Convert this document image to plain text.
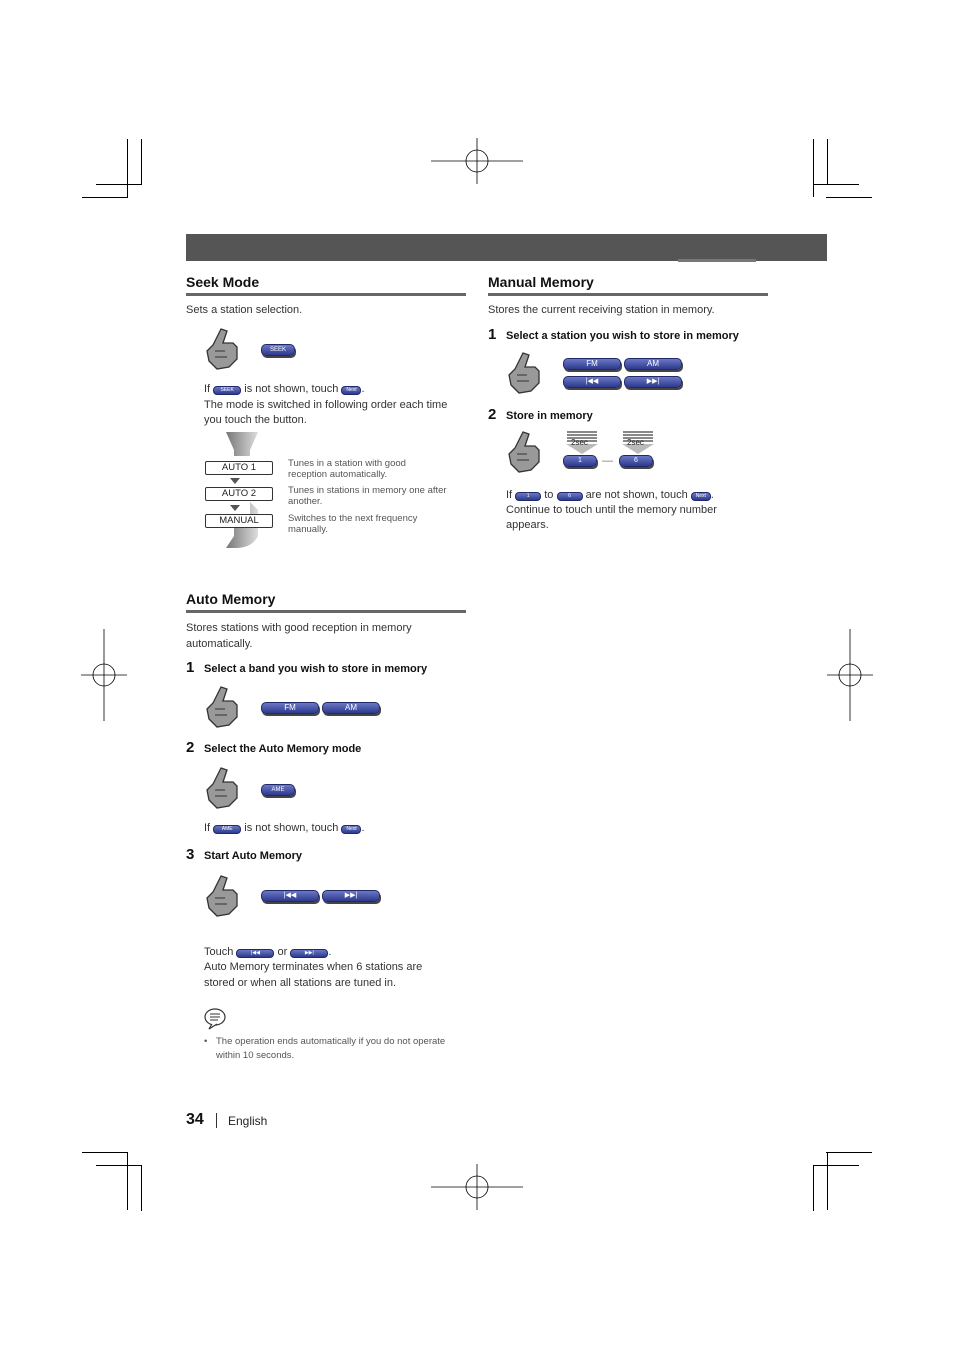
Seek Mode
Sets a station selection.
SEEK
If SEEK is not shown, touch Next .
The mode is switched in following order each time
you touch the button.
AUTO 1
AUTO 2
MANUAL
Tunes in a station with good
reception automatically.
Tunes in stations in memory one after
another.
Switches to the next frequency
manually.
Auto Memory
Stores stations with good reception in memory
automatically.
1 Select a band you wish to store in memory
FM	AM
2 Select the Auto Memory mode
AME
If AME is not shown, touch Next .
3 Start Auto Memory
|◀◀	▶▶|
Touch	|◀◀ or	▶▶| .
Auto Memory terminates when 6 stations are
stored or when all stations are tuned in.
• The operation ends automatically if you do not operate
within 10 seconds.
Manual Memory
Stores the current receiving station in memory.
1 Select a station you wish to store in memory
FM	AM
|◀◀	▶▶|
2 Store in memory
2sec
1	—
2sec
6
If	1 to	6 are not shown, touch Next .
Continue to touch until the memory number
appears.
34 English
